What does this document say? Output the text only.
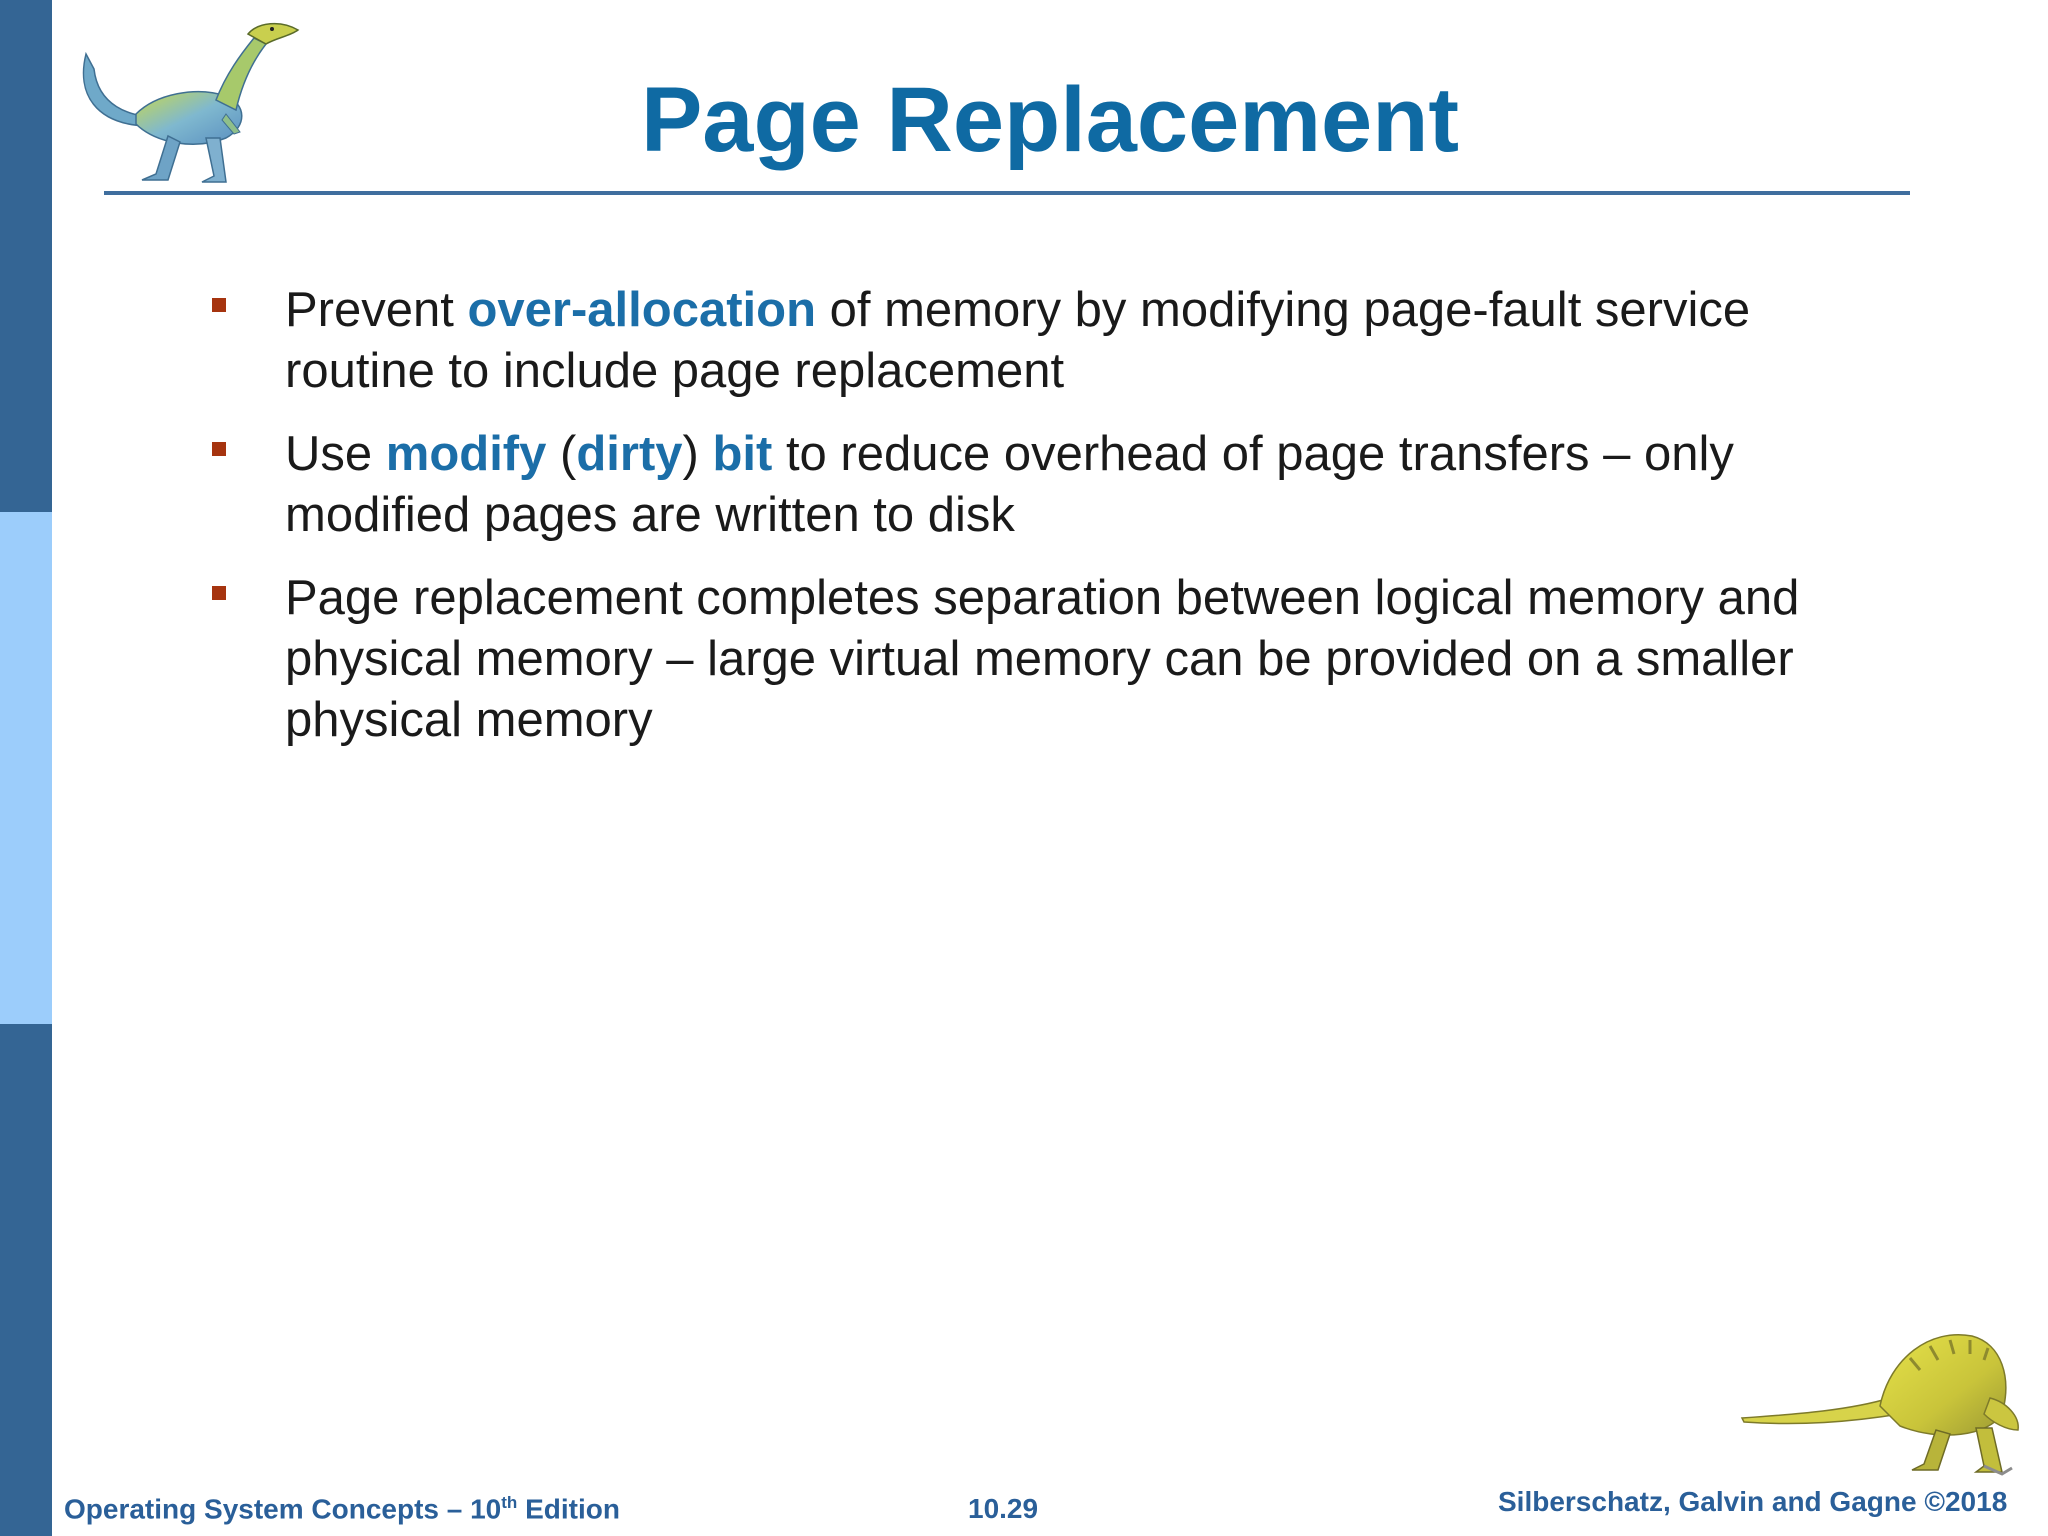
Page Replacement
Prevent over-allocation of memory by modifying page-fault service routine to include page replacement
Use modify (dirty) bit to reduce overhead of page transfers – only modified pages are written to disk
Page replacement completes separation between logical memory and physical memory – large virtual memory can be provided on a smaller physical memory
Operating System Concepts – 10th Edition	10.29	Silberschatz, Galvin and Gagne ©2018
